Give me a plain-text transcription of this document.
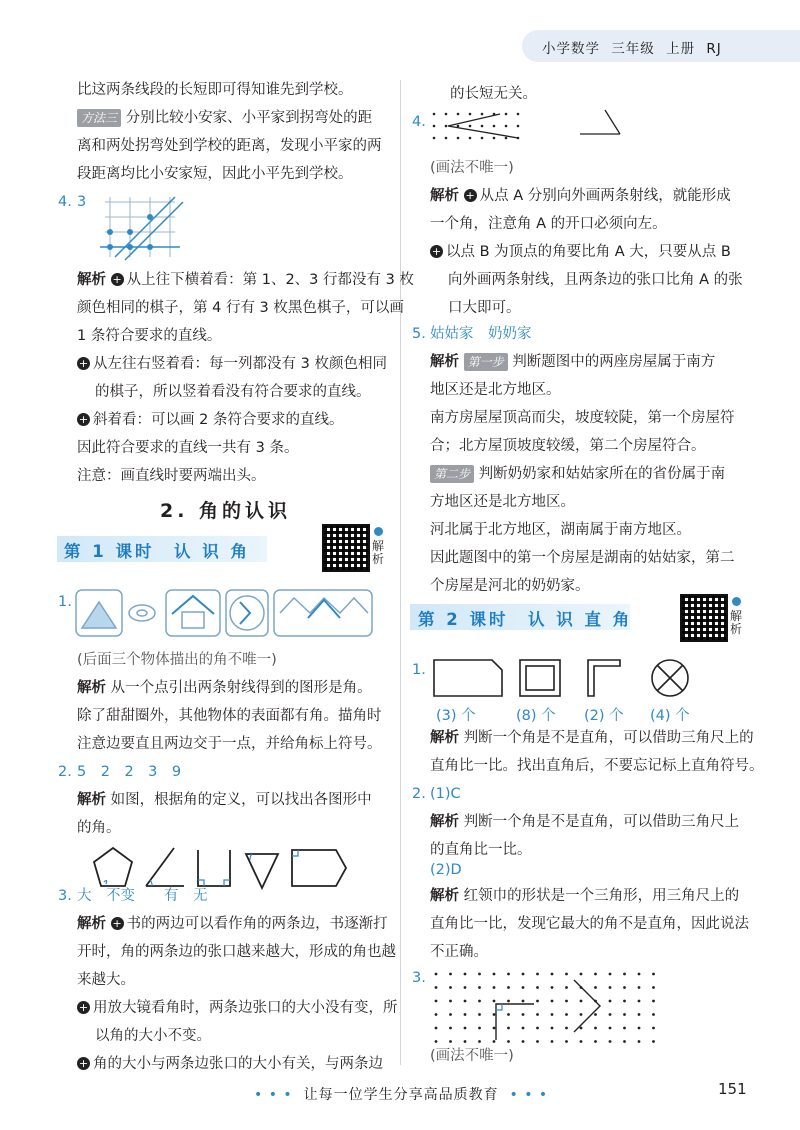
小学数学 三年级 上册 RJ
比这两条线段的长短即可得知谁先到学校。
方法三 分别比较小安家、小平家到拐弯处的距
离和两处拐弯处到学校的距离，发现小平家的两
段距离均比小安家短，因此小平先到学校。
4. 3
解析 + 从上往下横着看：第 1、2、3 行都没有 3 枚
颜色相同的棋子，第 4 行有 3 枚黑色棋子，可以画
1 条符合要求的直线。
+ 从左往右竖着看：每一列都没有 3 枚颜色相同
的棋子，所以竖着看没有符合要求的直线。
+ 斜着看：可以画 2 条符合要求的直线。
因此符合要求的直线一共有 3 条。
注意：画直线时要两端出头。
2. 角的认识
第 1 课时　认 识 角	解析
1.
(后面三个物体描出的角不唯一)
解析 从一个点引出两条射线得到的图形是角。
除了甜甜圈外，其他物体的表面都有角。描角时
注意边要直且两边交于一点，并给角标上符号。
2. 5　2　2　3　9
解析 如图，根据角的定义，可以找出各图形中
的角。
3. 大　不变　　有　无
解析 + 书的两边可以看作角的两条边，书逐渐打
开时，角的两条边的张口越来越大，形成的角也越
来越大。
+ 用放大镜看角时，两条边张口的大小没有变，所
以角的大小不变。
+ 角的大小与两条边张口的大小有关，与两条边
的长短无关。
4.
(画法不唯一)
解析 + 从点 A 分别向外画两条射线，就能形成
一个角，注意角 A 的开口必须向左。
+ 以点 B 为顶点的角要比角 A 大，只要从点 B
向外画两条射线，且两条边的张口比角 A 的张
口大即可。
5. 姑姑家　奶奶家
解析 第一步 判断题图中的两座房屋属于南方
地区还是北方地区。
南方房屋屋顶高而尖，坡度较陡，第一个房屋符
合；北方屋顶坡度较缓，第二个房屋符合。
第二步 判断奶奶家和姑姑家所在的省份属于南
方地区还是北方地区。
河北属于北方地区，湖南属于南方地区。
因此题图中的第一个房屋是湖南的姑姑家，第二
个房屋是河北的奶奶家。
第 2 课时　认 识 直 角	解析
1.
(3) 个	(8) 个 (2) 个 (4) 个
解析 判断一个角是不是直角，可以借助三角尺上的
直角比一比。找出直角后，不要忘记标上直角符号。
2. (1)C
解析 判断一个角是不是直角，可以借助三角尺上
的直角比一比。
(2)D
解析 红领巾的形状是一个三角形，用三角尺上的
直角比一比，发现它最大的角不是直角，因此说法
不正确。
3.
(画法不唯一)
• • • 让每一位学生分享高品质教育 • • •	151
